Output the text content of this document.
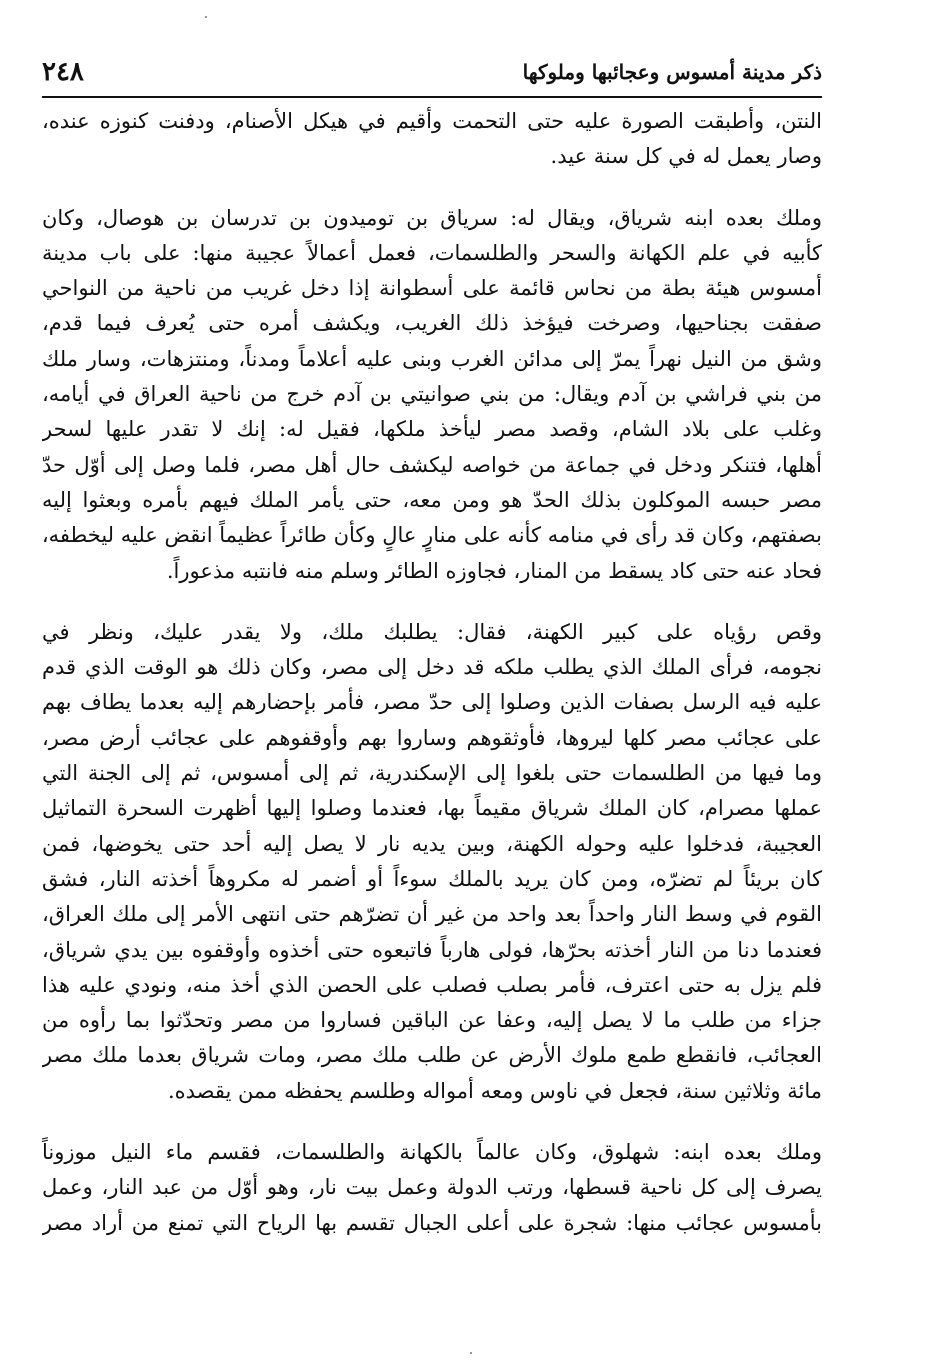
ذكر مدينة أمسوس وعجائبها وملوكها
٢٤٨
النتن، وأطبقت الصورة عليه حتى التحمت وأقيم في هيكل الأصنام، ودفنت كنوزه عنده،
وصار يعمل له في كل سنة عيد.
وملك بعده ابنه شرياق، ويقال له: سرياق بن توميدون بن تدرسان بن هوصال، وكان
كأبيه في علم الكهانة والسحر والطلسمات، فعمل أعمالاً عجيبة منها: على باب مدينة
أمسوس هيئة بطة من نحاس قائمة على أسطوانة إذا دخل غريب من ناحية من النواحي
صفقت بجناحيها، وصرخت فيؤخذ ذلك الغريب، ويكشف أمره حتى يُعرف فيما قدم،
وشق من النيل نهراً يمرّ إلى مدائن الغرب وبنى عليه أعلاماً ومدناً، ومنتزهات، وسار ملك
من بني فراشي بن آدم ويقال: من بني صوانيتي بن آدم خرج من ناحية العراق في أيامه،
وغلب على بلاد الشام، وقصد مصر ليأخذ ملكها، فقيل له: إنك لا تقدر عليها لسحر
أهلها، فتنكر ودخل في جماعة من خواصه ليكشف حال أهل مصر، فلما وصل إلى أوّل حدّ
مصر حبسه الموكلون بذلك الحدّ هو ومن معه، حتى يأمر الملك فيهم بأمره وبعثوا إليه
بصفتهم، وكان قد رأى في منامه كأنه على منارٍ عالٍ وكأن طائراً عظيماً انقض عليه ليخطفه،
فحاد عنه حتى كاد يسقط من المنار، فجاوزه الطائر وسلم منه فانتبه مذعوراً.
وقص رؤياه على كبير الكهنة، فقال: يطلبك ملك، ولا يقدر عليك، ونظر في
نجومه، فرأى الملك الذي يطلب ملكه قد دخل إلى مصر، وكان ذلك هو الوقت الذي قدم
عليه فيه الرسل بصفات الذين وصلوا إلى حدّ مصر، فأمر بإحضارهم إليه بعدما يطاف بهم
على عجائب مصر كلها ليروها، فأوثقوهم وساروا بهم وأوقفوهم على عجائب أرض مصر،
وما فيها من الطلسمات حتى بلغوا إلى الإسكندرية، ثم إلى أمسوس، ثم إلى الجنة التي
عملها مصرام، كان الملك شرياق مقيماً بها، فعندما وصلوا إليها أظهرت السحرة التماثيل
العجيبة، فدخلوا عليه وحوله الكهنة، وبين يديه نار لا يصل إليه أحد حتى يخوضها، فمن
كان بريئاً لم تضرّه، ومن كان يريد بالملك سوءاً أو أضمر له مكروهاً أخذته النار، فشق
القوم في وسط النار واحداً بعد واحد من غير أن تضرّهم حتى انتهى الأمر إلى ملك العراق،
فعندما دنا من النار أخذته بحرّها، فولى هارباً فاتبعوه حتى أخذوه وأوقفوه بين يدي شرياق،
فلم يزل به حتى اعترف، فأمر بصلب فصلب على الحصن الذي أخذ منه، ونودي عليه هذا
جزاء من طلب ما لا يصل إليه، وعفا عن الباقين فساروا من مصر وتحدّثوا بما رأوه من
العجائب، فانقطع طمع ملوك الأرض عن طلب ملك مصر، ومات شرياق بعدما ملك مصر
مائة وثلاثين سنة، فجعل في ناوس ومعه أمواله وطلسم يحفظه ممن يقصده.
وملك بعده ابنه: شهلوق، وكان عالماً بالكهانة والطلسمات، فقسم ماء النيل موزوناً
يصرف إلى كل ناحية قسطها، ورتب الدولة وعمل بيت نار، وهو أوّل من عبد النار، وعمل
بأمسوس عجائب منها: شجرة على أعلى الجبال تقسم بها الرياح التي تمنع من أراد مصر
